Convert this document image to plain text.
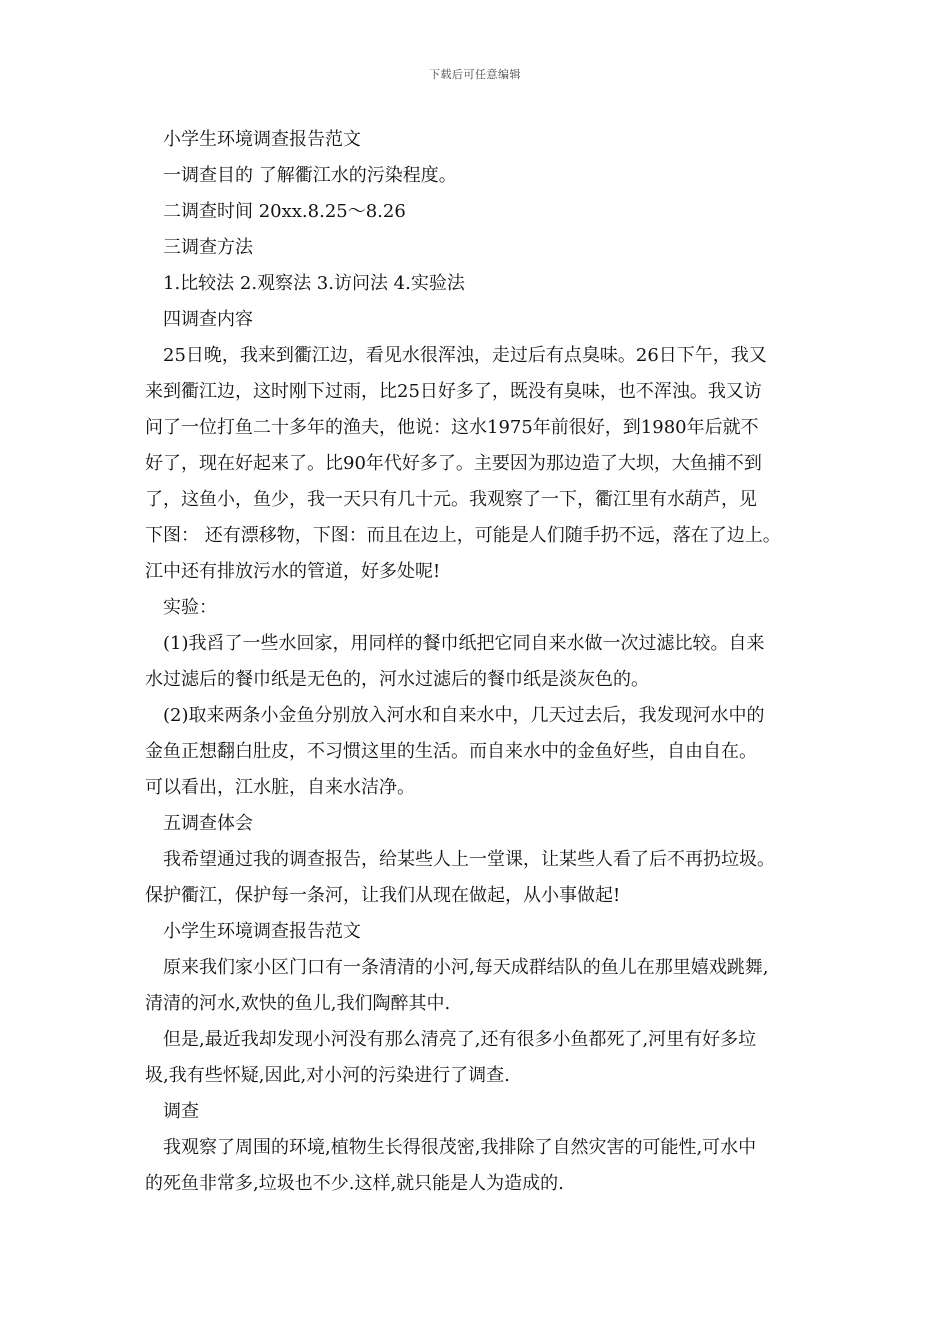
下载后可任意编辑

小学生环境调查报告范文

一调查目的 了解衢江水的污染程度。

二调查时间 20xx.8.25～8.26

三调查方法

1.比较法 2.观察法 3.访问法 4.实验法

四调查内容

25日晚，我来到衢江边，看见水很浑浊，走过后有点臭味。26日下午，我又
来到衢江边，这时刚下过雨，比25日好多了，既没有臭味，也不浑浊。我又访
问了一位打鱼二十多年的渔夫，他说：这水1975年前很好，到1980年后就不
好了，现在好起来了。比90年代好多了。主要因为那边造了大坝，大鱼捕不到
了，这鱼小，鱼少，我一天只有几十元。我观察了一下，衢江里有水葫芦，见
下图： 还有漂移物，下图：而且在边上，可能是人们随手扔不远，落在了边上。
江中还有排放污水的管道，好多处呢!

实验：

(1)我舀了一些水回家，用同样的餐巾纸把它同自来水做一次过滤比较。自来
水过滤后的餐巾纸是无色的，河水过滤后的餐巾纸是淡灰色的。
(2)取来两条小金鱼分别放入河水和自来水中，几天过去后，我发现河水中的
金鱼正想翻白肚皮，不习惯这里的生活。而自来水中的金鱼好些，自由自在。
可以看出，江水脏，自来水洁净。

五调查体会

我希望通过我的调查报告，给某些人上一堂课，让某些人看了后不再扔垃圾。
保护衢江，保护每一条河，让我们从现在做起，从小事做起!

小学生环境调查报告范文

原来我们家小区门口有一条清清的小河,每天成群结队的鱼儿在那里嬉戏跳舞,
清清的河水,欢快的鱼儿,我们陶醉其中.
但是,最近我却发现小河没有那么清亮了,还有很多小鱼都死了,河里有好多垃
圾,我有些怀疑,因此,对小河的污染进行了调查.

调查

我观察了周围的环境,植物生长得很茂密,我排除了自然灾害的可能性,可水中
的死鱼非常多,垃圾也不少.这样,就只能是人为造成的.
